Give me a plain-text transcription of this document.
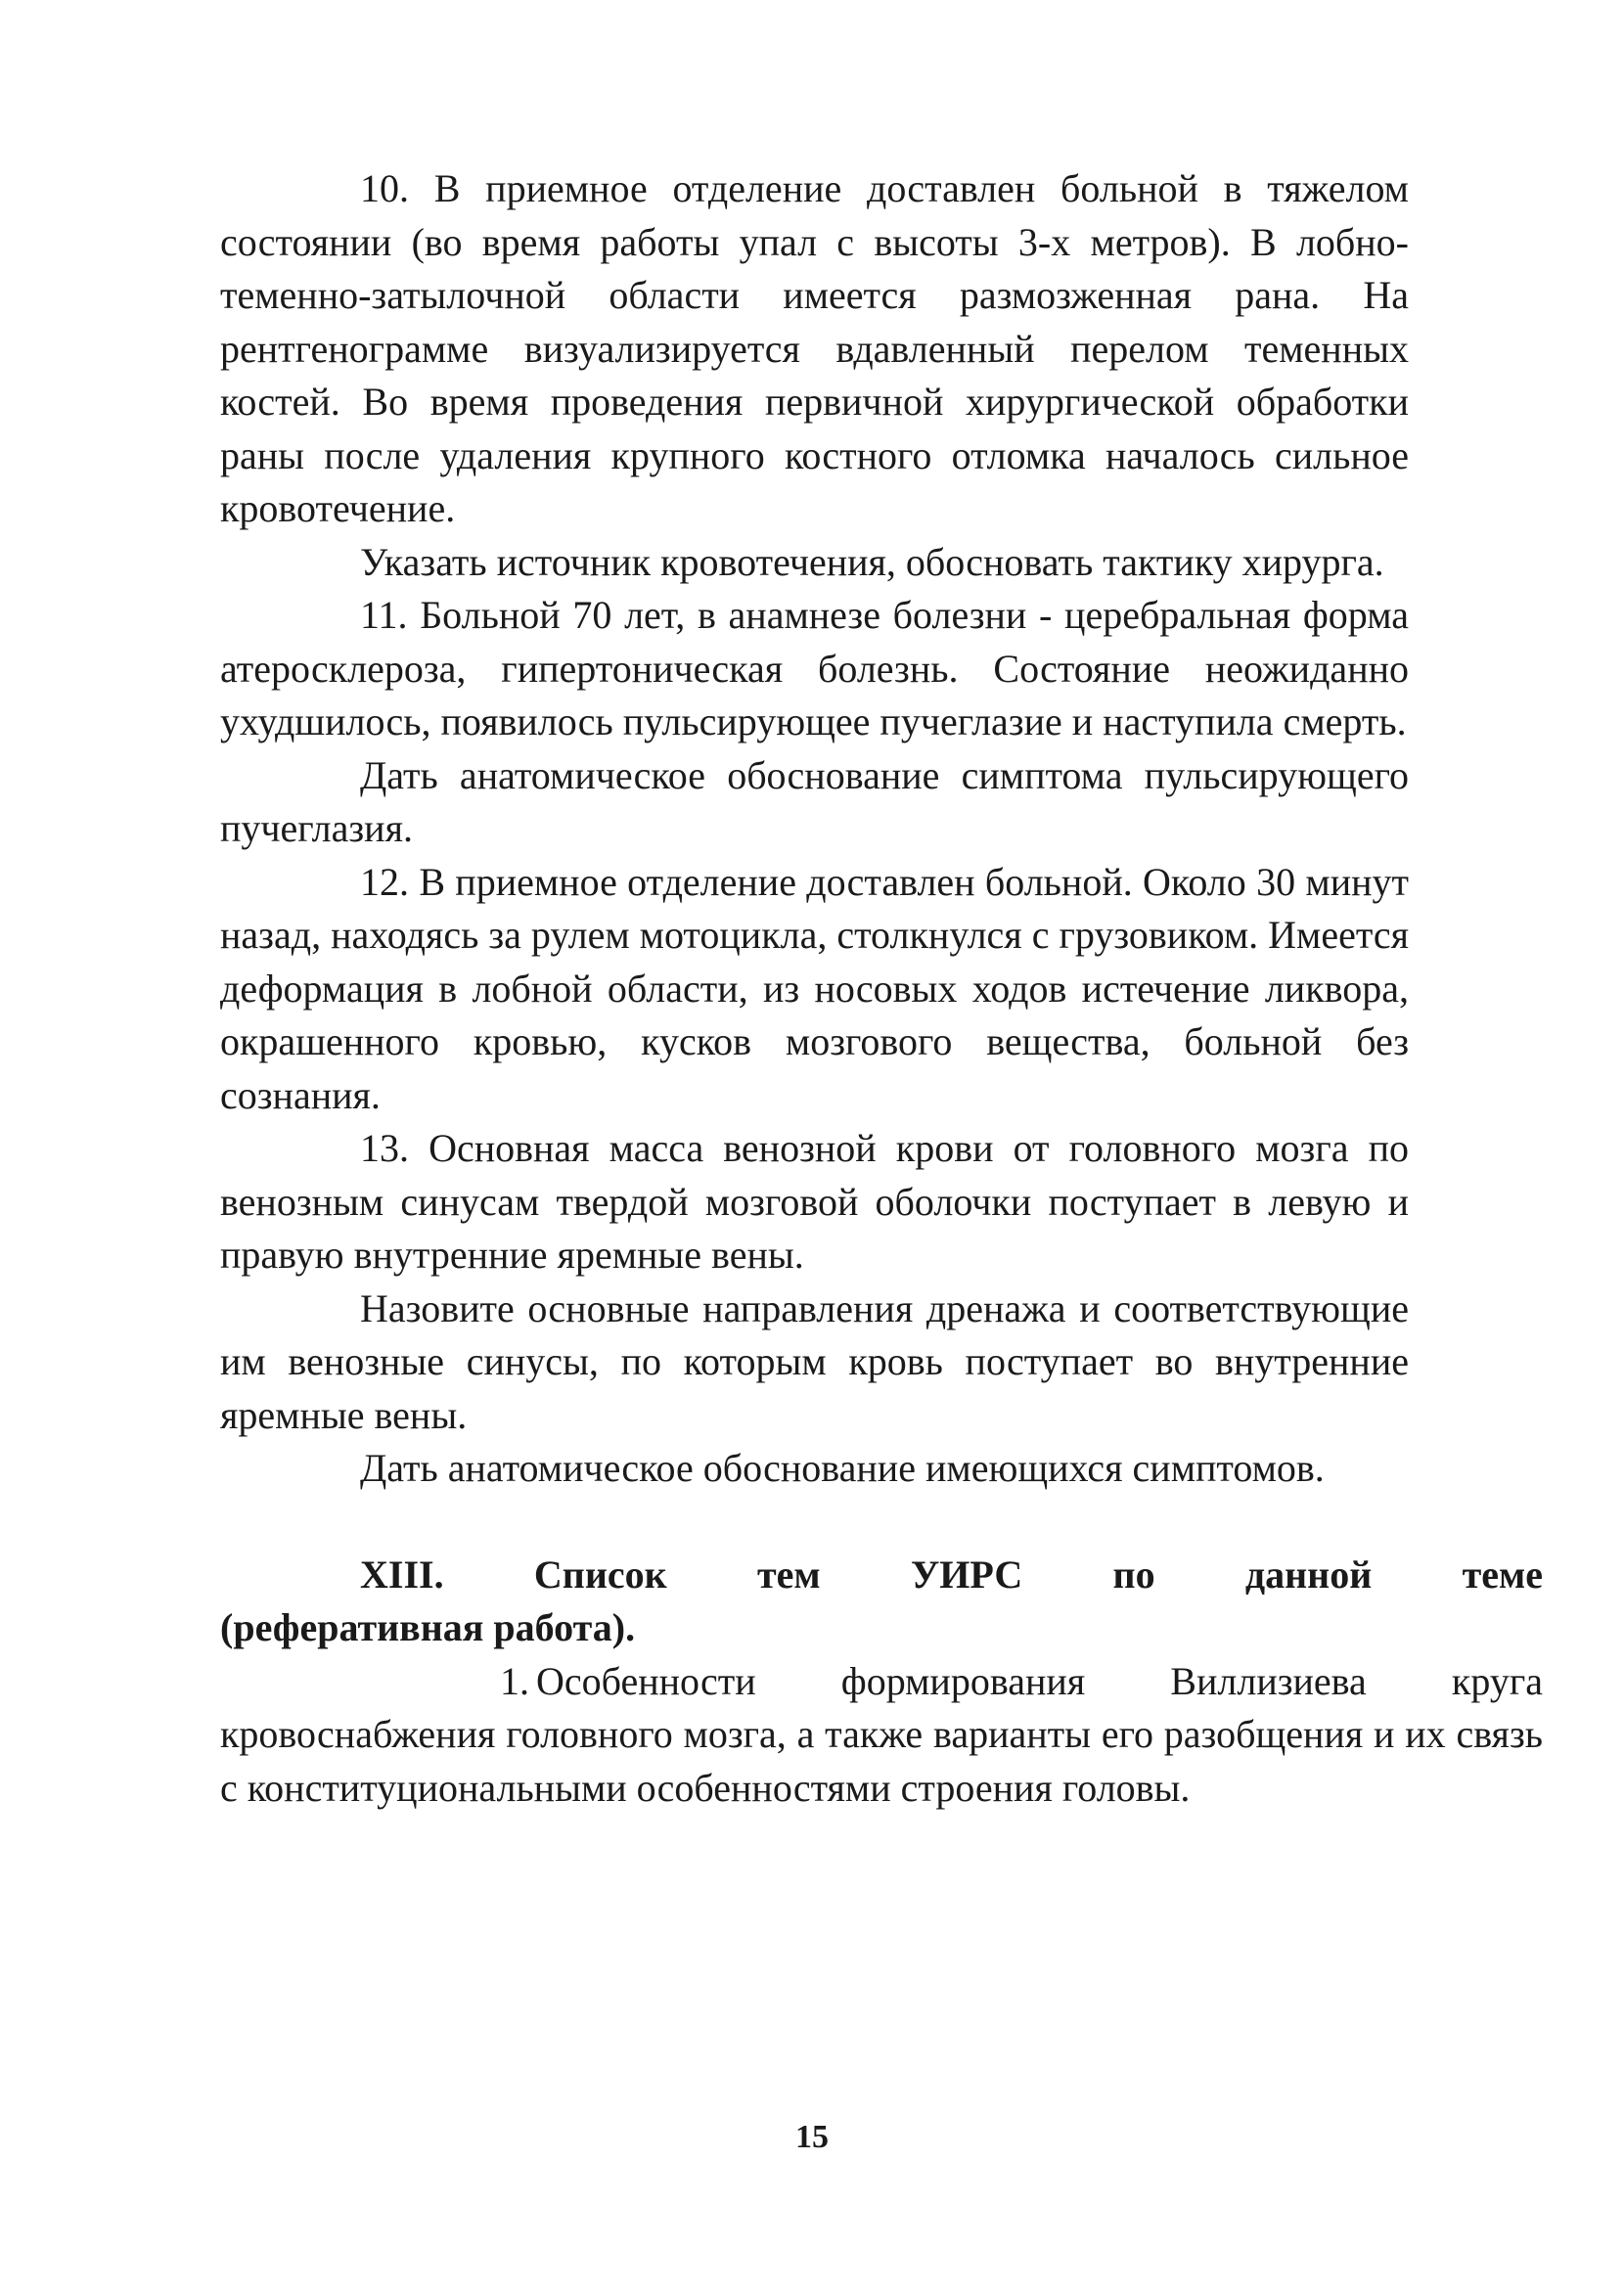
10. В приемное отделение доставлен больной в тяжелом состоянии (во время работы упал с высоты 3-х метров). В лобно-теменно-затылочной области имеется размозженная рана. На рентгенограмме визуализируется вдавленный перелом теменных костей. Во время проведения первичной хирургической обработки раны после удаления крупного костного отломка началось сильное кровотечение.

Указать источник кровотечения, обосновать тактику хирурга.

11. Больной 70 лет, в анамнезе болезни - церебральная форма атеросклероза, гипертоническая болезнь. Состояние неожиданно ухудшилось, появилось пульсирующее пучеглазие и наступила смерть.

Дать анатомическое обоснование симптома пульсирующего пучеглазия.

12. В приемное отделение доставлен больной. Около 30 минут назад, находясь за рулем мотоцикла, столкнулся с грузовиком. Имеется деформация в лобной области, из носовых ходов истечение ликвора, окрашенного кровью, кусков мозгового вещества, больной без сознания.

13. Основная масса венозной крови от головного мозга по венозным синусам твердой мозговой оболочки поступает в левую и правую внутренние яремные вены.

Назовите основные направления дренажа и соответствующие им венозные синусы, по которым кровь поступает во внутренние яремные вены.

Дать анатомическое обоснование имеющихся симптомов.

XIII. Список тем УИРС по данной теме
(реферативная работа).

1. Особенности формирования Виллизиева круга кровоснабжения головного мозга, а также варианты его разобщения и их связь с конституциональными особенностями строения головы.

15
